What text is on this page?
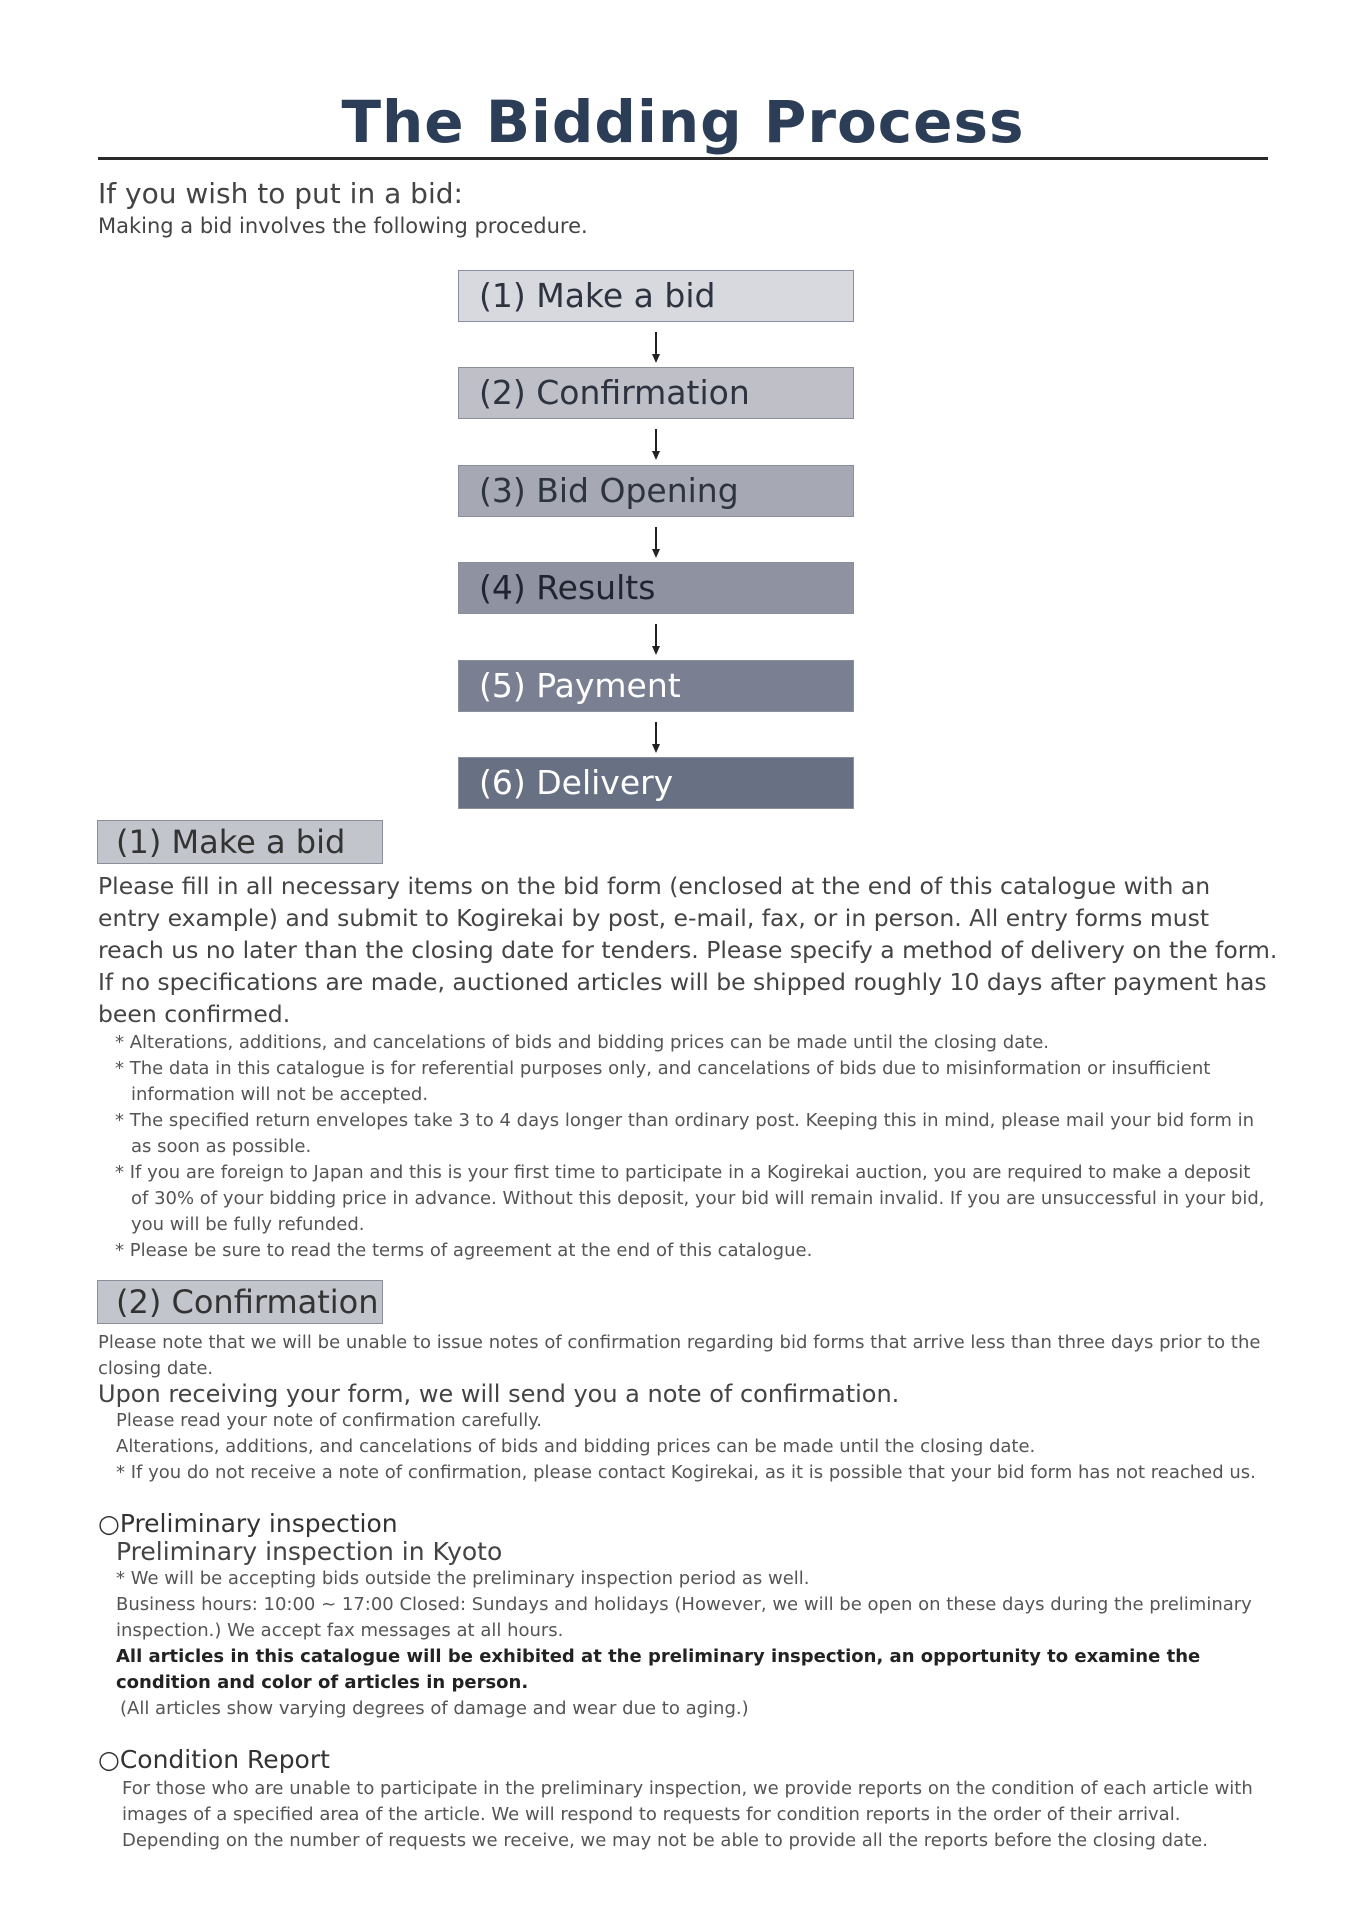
The Bidding Process
If you wish to put in a bid:
Making a bid involves the following procedure.
(1) Make a bid
(2) Confirmation
(3) Bid Opening
(4) Results
(5) Payment
(6) Delivery
(1) Make a bid
Please fill in all necessary items on the bid form (enclosed at the end of this catalogue with an entry example) and submit to Kogirekai by post, e-mail, fax, or in person. All entry forms must reach us no later than the closing date for tenders. Please specify a method of delivery on the form. If no specifications are made, auctioned articles will be shipped roughly 10 days after payment has been confirmed.
* Alterations, additions, and cancelations of bids and bidding prices can be made until the closing date.
* The data in this catalogue is for referential purposes only, and cancelations of bids due to misinformation or insufficient information will not be accepted.
* The specified return envelopes take 3 to 4 days longer than ordinary post. Keeping this in mind, please mail your bid form in as soon as possible.
* If you are foreign to Japan and this is your first time to participate in a Kogirekai auction, you are required to make a deposit of 30% of your bidding price in advance. Without this deposit, your bid will remain invalid. If you are unsuccessful in your bid, you will be fully refunded.
* Please be sure to read the terms of agreement at the end of this catalogue.
(2) Confirmation
Please note that we will be unable to issue notes of confirmation regarding bid forms that arrive less than three days prior to the closing date.
Upon receiving your form, we will send you a note of confirmation.
Please read your note of confirmation carefully.
Alterations, additions, and cancelations of bids and bidding prices can be made until the closing date.
* If you do not receive a note of confirmation, please contact Kogirekai, as it is possible that your bid form has not reached us.
○Preliminary inspection
Preliminary inspection in Kyoto
* We will be accepting bids outside the preliminary inspection period as well.
Business hours: 10:00 ~ 17:00 Closed: Sundays and holidays (However, we will be open on these days during the preliminary inspection.) We accept fax messages at all hours.
All articles in this catalogue will be exhibited at the preliminary inspection, an opportunity to examine the condition and color of articles in person.
(All articles show varying degrees of damage and wear due to aging.)
○Condition Report
For those who are unable to participate in the preliminary inspection, we provide reports on the condition of each article with images of a specified area of the article. We will respond to requests for condition reports in the order of their arrival. Depending on the number of requests we receive, we may not be able to provide all the reports before the closing date.
